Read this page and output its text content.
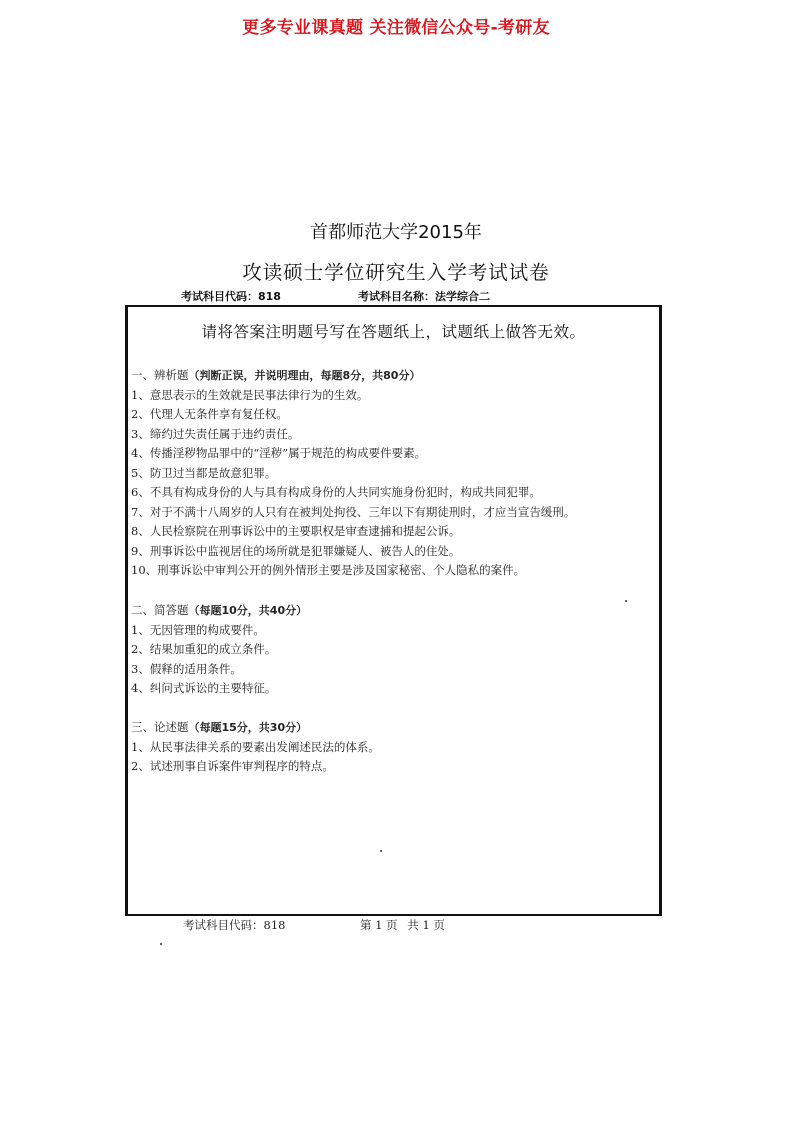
更多专业课真题 关注微信公众号-考研友
首都师范大学2015年
攻读硕士学位研究生入学考试试卷
考试科目代码：818	考试科目名称：法学综合二
请将答案注明题号写在答题纸上，试题纸上做答无效。
一、辨析题（判断正误，并说明理由，每题8分，共80分）
1、意思表示的生效就是民事法律行为的生效。
2、代理人无条件享有复任权。
3、缔约过失责任属于违约责任。
4、传播淫秽物品罪中的“淫秽”属于规范的构成要件要素。
5、防卫过当都是故意犯罪。
6、不具有构成身份的人与具有构成身份的人共同实施身份犯时，构成共同犯罪。
7、对于不满十八周岁的人只有在被判处拘役、三年以下有期徒刑时，才应当宣告缓刑。
8、人民检察院在刑事诉讼中的主要职权是审查逮捕和提起公诉。
9、刑事诉讼中监视居住的场所就是犯罪嫌疑人、被告人的住处。
10、刑事诉讼中审判公开的例外情形主要是涉及国家秘密、个人隐私的案件。
二、简答题（每题10分，共40分）
1、无因管理的构成要件。
2、结果加重犯的成立条件。
3、假释的适用条件。
4、纠问式诉讼的主要特征。
三、论述题（每题15分，共30分）
1、从民事法律关系的要素出发阐述民法的体系。
2、试述刑事自诉案件审判程序的特点。
考试科目代码：818	第 1 页 共 1 页
